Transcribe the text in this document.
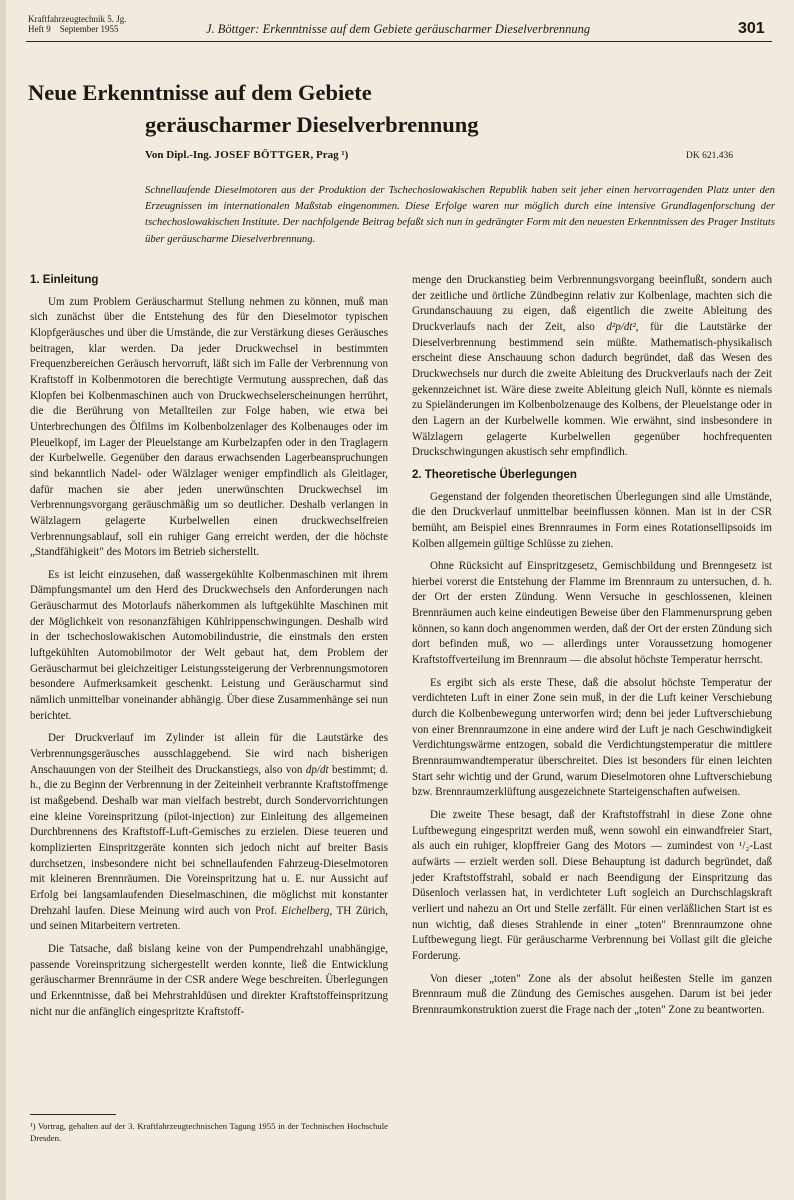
Kraftfahrzeugtechnik 5. Jg.
Heft 9    September 1955	J. Böttger: Erkenntnisse auf dem Gebiete geräuscharmer Dieselverbrennung	301
Neue Erkenntnisse auf dem Gebiete
geräuscharmer Dieselverbrennung
Von Dipl.-Ing. JOSEF BÖTTGER, Prag ¹)	DK 621.436
Schnellaufende Dieselmotoren aus der Produktion der Tschechoslowakischen Republik haben seit jeher einen hervorragenden Platz unter den Erzeugnissen im internationalen Maßstab eingenommen. Diese Erfolge waren nur möglich durch eine intensive Grundlagenforschung der tschechoslowakischen Institute. Der nachfolgende Beitrag befaßt sich nun in gedrängter Form mit den neuesten Erkenntnissen des Prager Instituts über geräuscharme Dieselverbrennung.
1. Einleitung

Um zum Problem Geräuscharmut Stellung nehmen zu können, muß man sich zunächst über die Entstehung des für den Dieselmotor typischen Klopfgeräusches und über die Umstände, die zur Verstärkung dieses Geräusches beitragen, klar werden. Da jeder Druckwechsel in bestimmten Frequenzbereichen Geräusch hervorruft, läßt sich im Falle der Verbrennung von Kraftstoff in Kolbenmotoren die berechtigte Vermutung aussprechen, daß das Klopfen bei Kolbenmaschinen auch von Druckwechselerscheinungen herrührt, die die Berührung von Metallteilen zur Folge haben, wie etwa bei Unterbrechungen des Ölfilms im Kolbenbolzenlager des Kolbenauges oder im Pleuelkopf, im Lager der Pleuelstange am Kurbelzapfen oder in den Traglagern der Kurbelwelle. Gegenüber den daraus erwachsenden Lagerbeanspruchungen sind bekanntlich Nadel- oder Wälzlager weniger empfindlich als Gleitlager, dafür machen sie aber jeden unerwünschten Druckwechsel im Verbrennungsvorgang geräuschmäßig um so deutlicher. Deshalb verlangen in Wälzlagern gelagerte Kurbelwellen einen druckwechselfreien Verbrennungsablauf, soll ein ruhiger Gang erreicht werden, der die höchste „Standfähigkeit" des Motors im Betrieb sicherstellt.

Es ist leicht einzusehen, daß wassergekühlte Kolbenmaschinen mit ihrem Dämpfungsmantel um den Herd des Druckwechsels den Anforderungen nach Geräuscharmut des Motorlaufs näherkommen als luftgekühlte Maschinen mit der Möglichkeit von resonanzfähigen Kühlrippenschwingungen. Deshalb wird in der tschechoslowakischen Automobilindustrie, die einstmals den ersten luftgekühlten Automobilmotor der Welt gebaut hat, dem Problem der Geräuscharmut bei gleichzeitiger Leistungssteigerung der Verbrennungsmotoren besondere Aufmerksamkeit geschenkt. Leistung und Geräuscharmut sind nämlich unmittelbar voneinander abhängig. Über diese Zusammenhänge sei nun berichtet.

Der Druckverlauf im Zylinder ist allein für die Lautstärke des Verbrennungsgeräusches ausschlaggebend. Sie wird nach bisherigen Anschauungen von der Steilheit des Druckanstiegs, also von dp/dt bestimmt; d. h., die zu Beginn der Verbrennung in der Zeiteinheit verbrannte Kraftstoffmenge ist maßgebend. Deshalb war man vielfach bestrebt, durch Sondervorrichtungen eine kleine Voreinspritzung (pilot-injection) zur Einleitung des allgemeinen Durchbrennens des Kraftstoff-Luft-Gemisches zu erzielen. Diese teueren und komplizierten Einspritzgeräte konnten sich jedoch nicht auf breiter Basis durchsetzen, insbesondere nicht bei schnellaufenden Fahrzeug-Dieselmotoren mit kleineren Brennräumen. Die Voreinspritzung hat u. E. nur Aussicht auf Erfolg bei langsamlaufenden Dieselmaschinen, die möglichst mit konstanter Drehzahl laufen. Diese Meinung wird auch von Prof. Eichelberg, TH Zürich, und seinen Mitarbeitern vertreten.

Die Tatsache, daß bislang keine von der Pumpendrehzahl unabhängige, passende Voreinspritzung sichergestellt werden konnte, ließ die Entwicklung geräuscharmer Brennräume in der CSR andere Wege beschreiten. Überlegungen und Erkenntnisse, daß bei Mehrstrahldüsen und direkter Kraftstoffeinspritzung nicht nur die anfänglich eingespritzte Kraftstoff-

¹) Vortrag, gehalten auf der 3. Kraftfahrzeugtechnischen Tagung 1955 in der Technischen Hochschule Dresden.

menge den Druckanstieg beim Verbrennungsvorgang beeinflußt, sondern auch der zeitliche und örtliche Zündbeginn relativ zur Kolbenlage, machten sich die Grundanschauung zu eigen, daß eigentlich die zweite Ableitung des Druckverlaufs nach der Zeit, also d²p/dt², für die Lautstärke der Dieselverbrennung bestimmend sein müßte. Mathematisch-physikalisch erscheint diese Anschauung schon dadurch begründet, daß das Wesen des Druckwechsels nur durch die zweite Ableitung des Druckverlaufs nach der Zeit gekennzeichnet ist. Wäre diese zweite Ableitung gleich Null, könnte es niemals zu Spieländerungen im Kolbenbolzenauge des Kolbens, der Pleuelstange oder in den Lagern an der Kurbelwelle kommen. Wie erwähnt, sind insbesondere in Wälzlagern gelagerte Kurbelwellen gegenüber hochfrequenten Druckschwingungen akustisch sehr empfindlich.

2. Theoretische Überlegungen

Gegenstand der folgenden theoretischen Überlegungen sind alle Umstände, die den Druckverlauf unmittelbar beeinflussen können. Man ist in der CSR bemüht, am Beispiel eines Brennraumes in Form eines Rotationsellipsoids im Kolben allgemein gültige Schlüsse zu ziehen.

Ohne Rücksicht auf Einspritzgesetz, Gemischbildung und Brenngesetz ist hierbei vorerst die Entstehung der Flamme im Brennraum zu untersuchen, d. h. der Ort der ersten Zündung. Wenn Versuche in geschlossenen, kleinen Brennräumen auch keine eindeutigen Beweise über den Flammenursprung geben können, so kann doch angenommen werden, daß der Ort der ersten Zündung sich dort befinden muß, wo — allerdings unter Voraussetzung homogener Kraftstoffverteilung im Brennraum — die absolut höchste Temperatur herrscht.

Es ergibt sich als erste These, daß die absolut höchste Temperatur der verdichteten Luft in einer Zone sein muß, in der die Luft keiner Verschiebung durch die Kolbenbewegung unterworfen wird; denn bei jeder Luftverschiebung von einer Brennraumzone in eine andere wird der Luft je nach Geschwindigkeit Verdichtungswärme entzogen, sobald die Verdichtungstemperatur die mittlere Brennraumwandtemperatur überschreitet. Dies ist besonders für einen leichten Start sehr wichtig und der Grund, warum Dieselmotoren ohne Luftverschiebung bzw. Brennraumzerklüftung ausgezeichnete Starteigenschaften aufweisen.

Die zweite These besagt, daß der Kraftstoffstrahl in diese Zone ohne Luftbewegung eingespritzt werden muß, wenn sowohl ein einwandfreier Start, als auch ein ruhiger, klopffreier Gang des Motors — zumindest von ¹/₂-Last aufwärts — erzielt werden soll. Diese Behauptung ist dadurch begründet, daß jeder Kraftstoffstrahl, sobald er nach Beendigung der Einspritzung das Düsenloch verlassen hat, in verdichteter Luft sogleich an Durchschlagskraft verliert und nahezu an Ort und Stelle zerfällt. Für einen verläßlichen Start ist es nun wichtig, daß dieses Strahlende in einer „toten" Brennraumzone ohne Luftbewegung liegt. Für geräuscharme Verbrennung bei Vollast gilt die gleiche Forderung.

Von dieser „toten" Zone als der absolut heißesten Stelle im ganzen Brennraum muß die Zündung des Gemisches ausgehen. Darum ist bei jeder Brennraumkonstruktion zuerst die Frage nach der „toten" Zone zu beantworten.
